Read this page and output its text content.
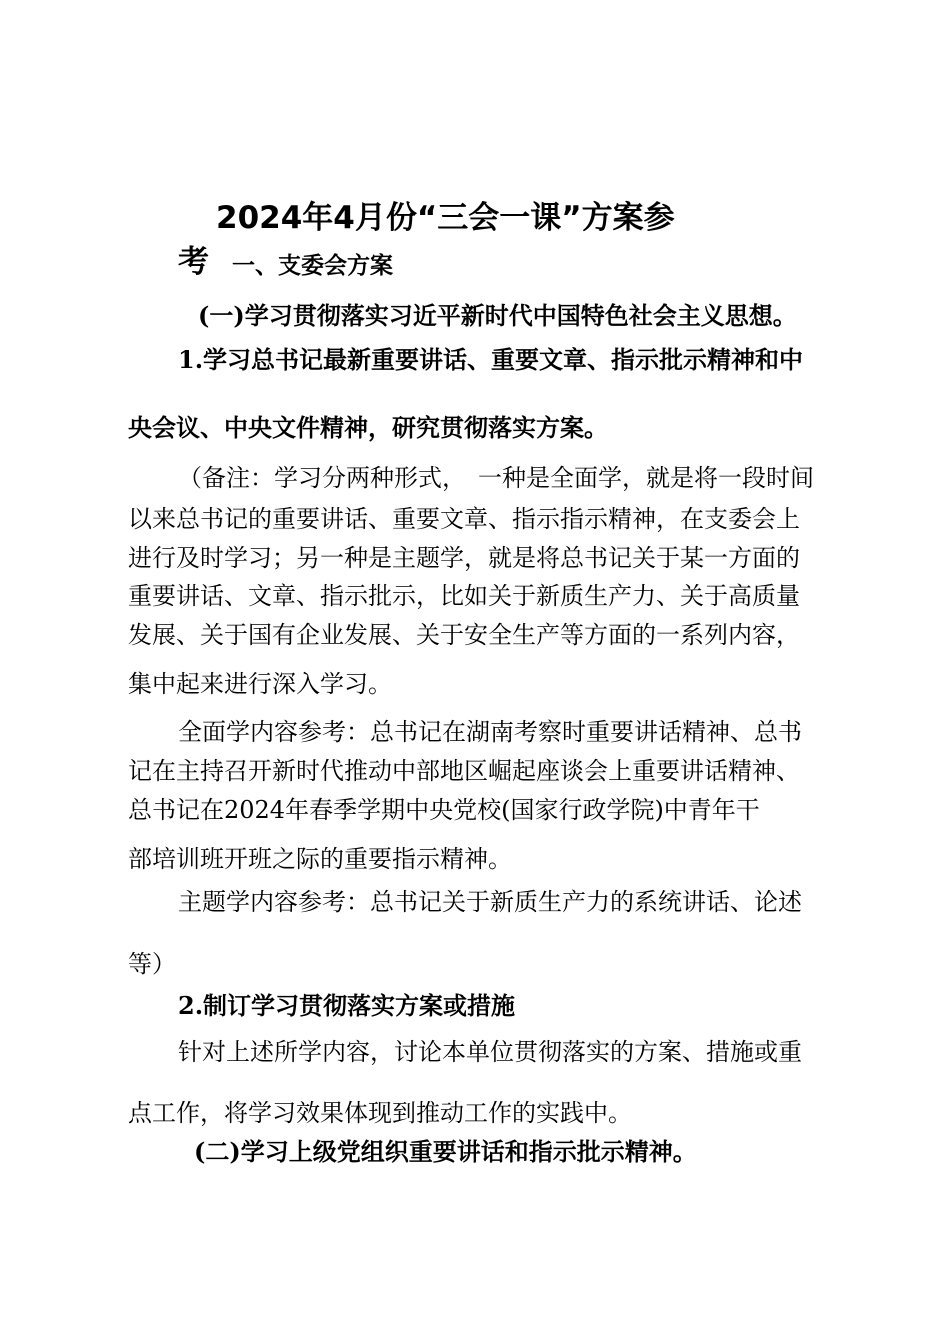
2024年4月份“三会一课”方案参
考 一、支委会方案
(一)学习贯彻落实习近平新时代中国特色社会主义思想。
1.学习总书记最新重要讲话、重要文章、指示批示精神和中
央会议、中央文件精神，研究贯彻落实方案。
（备注：学习分两种形式，　一种是全面学，就是将一段时间
以来总书记的重要讲话、重要文章、指示指示精神，在支委会上
进行及时学习；另一种是主题学，就是将总书记关于某一方面的
重要讲话、文章、指示批示，比如关于新质生产力、关于高质量
发展、关于国有企业发展、关于安全生产等方面的一系列内容，
集中起来进行深入学习。
全面学内容参考：总书记在湖南考察时重要讲话精神、总书
记在主持召开新时代推动中部地区崛起座谈会上重要讲话精神、
总书记在2024年春季学期中央党校(国家行政学院)中青年干
部培训班开班之际的重要指示精神。
主题学内容参考：总书记关于新质生产力的系统讲话、论述
等）
2.制订学习贯彻落实方案或措施
针对上述所学内容，讨论本单位贯彻落实的方案、措施或重
点工作，将学习效果体现到推动工作的实践中。
(二)学习上级党组织重要讲话和指示批示精神。
